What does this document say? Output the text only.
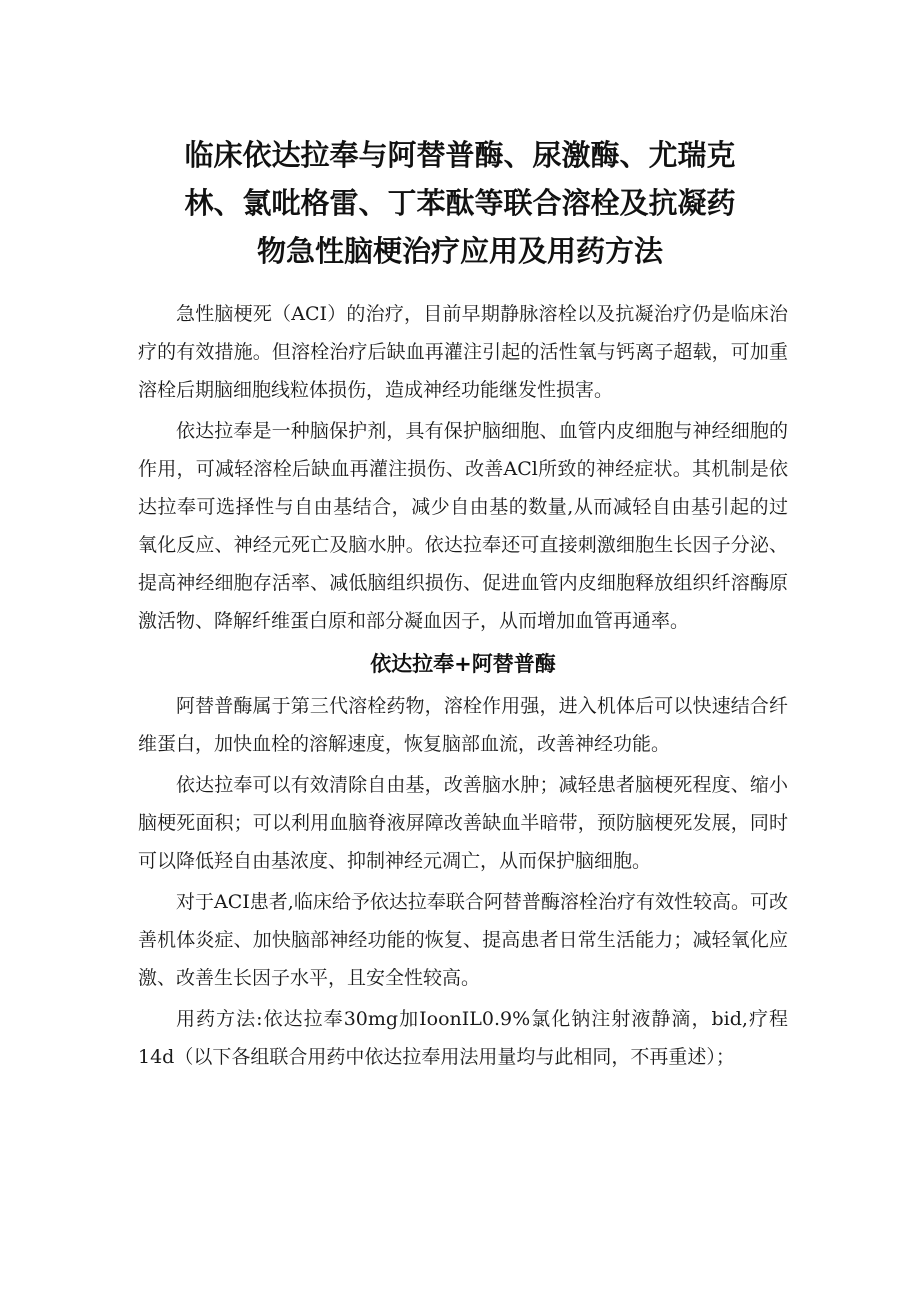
临床依达拉奉与阿替普酶、尿激酶、尤瑞克
林、氯吡格雷、丁苯酞等联合溶栓及抗凝药
物急性脑梗治疗应用及用药方法

急性脑梗死（ACI）的治疗，目前早期静脉溶栓以及抗凝治疗仍是临床治疗的有效措施。但溶栓治疗后缺血再灌注引起的活性氧与钙离子超载，可加重溶栓后期脑细胞线粒体损伤，造成神经功能继发性损害。

依达拉奉是一种脑保护剂，具有保护脑细胞、血管内皮细胞与神经细胞的作用，可减轻溶栓后缺血再灌注损伤、改善ACl所致的神经症状。其机制是依达拉奉可选择性与自由基结合，减少自由基的数量,从而减轻自由基引起的过氧化反应、神经元死亡及脑水肿。依达拉奉还可直接刺激细胞生长因子分泌、提高神经细胞存活率、减低脑组织损伤、促进血管内皮细胞释放组织纤溶酶原激活物、降解纤维蛋白原和部分凝血因子，从而增加血管再通率。

依达拉奉+阿替普酶

阿替普酶属于第三代溶栓药物，溶栓作用强，进入机体后可以快速结合纤维蛋白，加快血栓的溶解速度，恢复脑部血流，改善神经功能。

依达拉奉可以有效清除自由基，改善脑水肿；减轻患者脑梗死程度、缩小脑梗死面积；可以利用血脑脊液屏障改善缺血半暗带，预防脑梗死发展，同时可以降低羟自由基浓度、抑制神经元凋亡，从而保护脑细胞。

对于ACI患者,临床给予依达拉奉联合阿替普酶溶栓治疗有效性较高。可改善机体炎症、加快脑部神经功能的恢复、提高患者日常生活能力；减轻氧化应激、改善生长因子水平，且安全性较高。

用药方法:依达拉奉30mg加IoonIL0.9%氯化钠注射液静滴，bid,疗程14d（以下各组联合用药中依达拉奉用法用量均与此相同，不再重述）；
